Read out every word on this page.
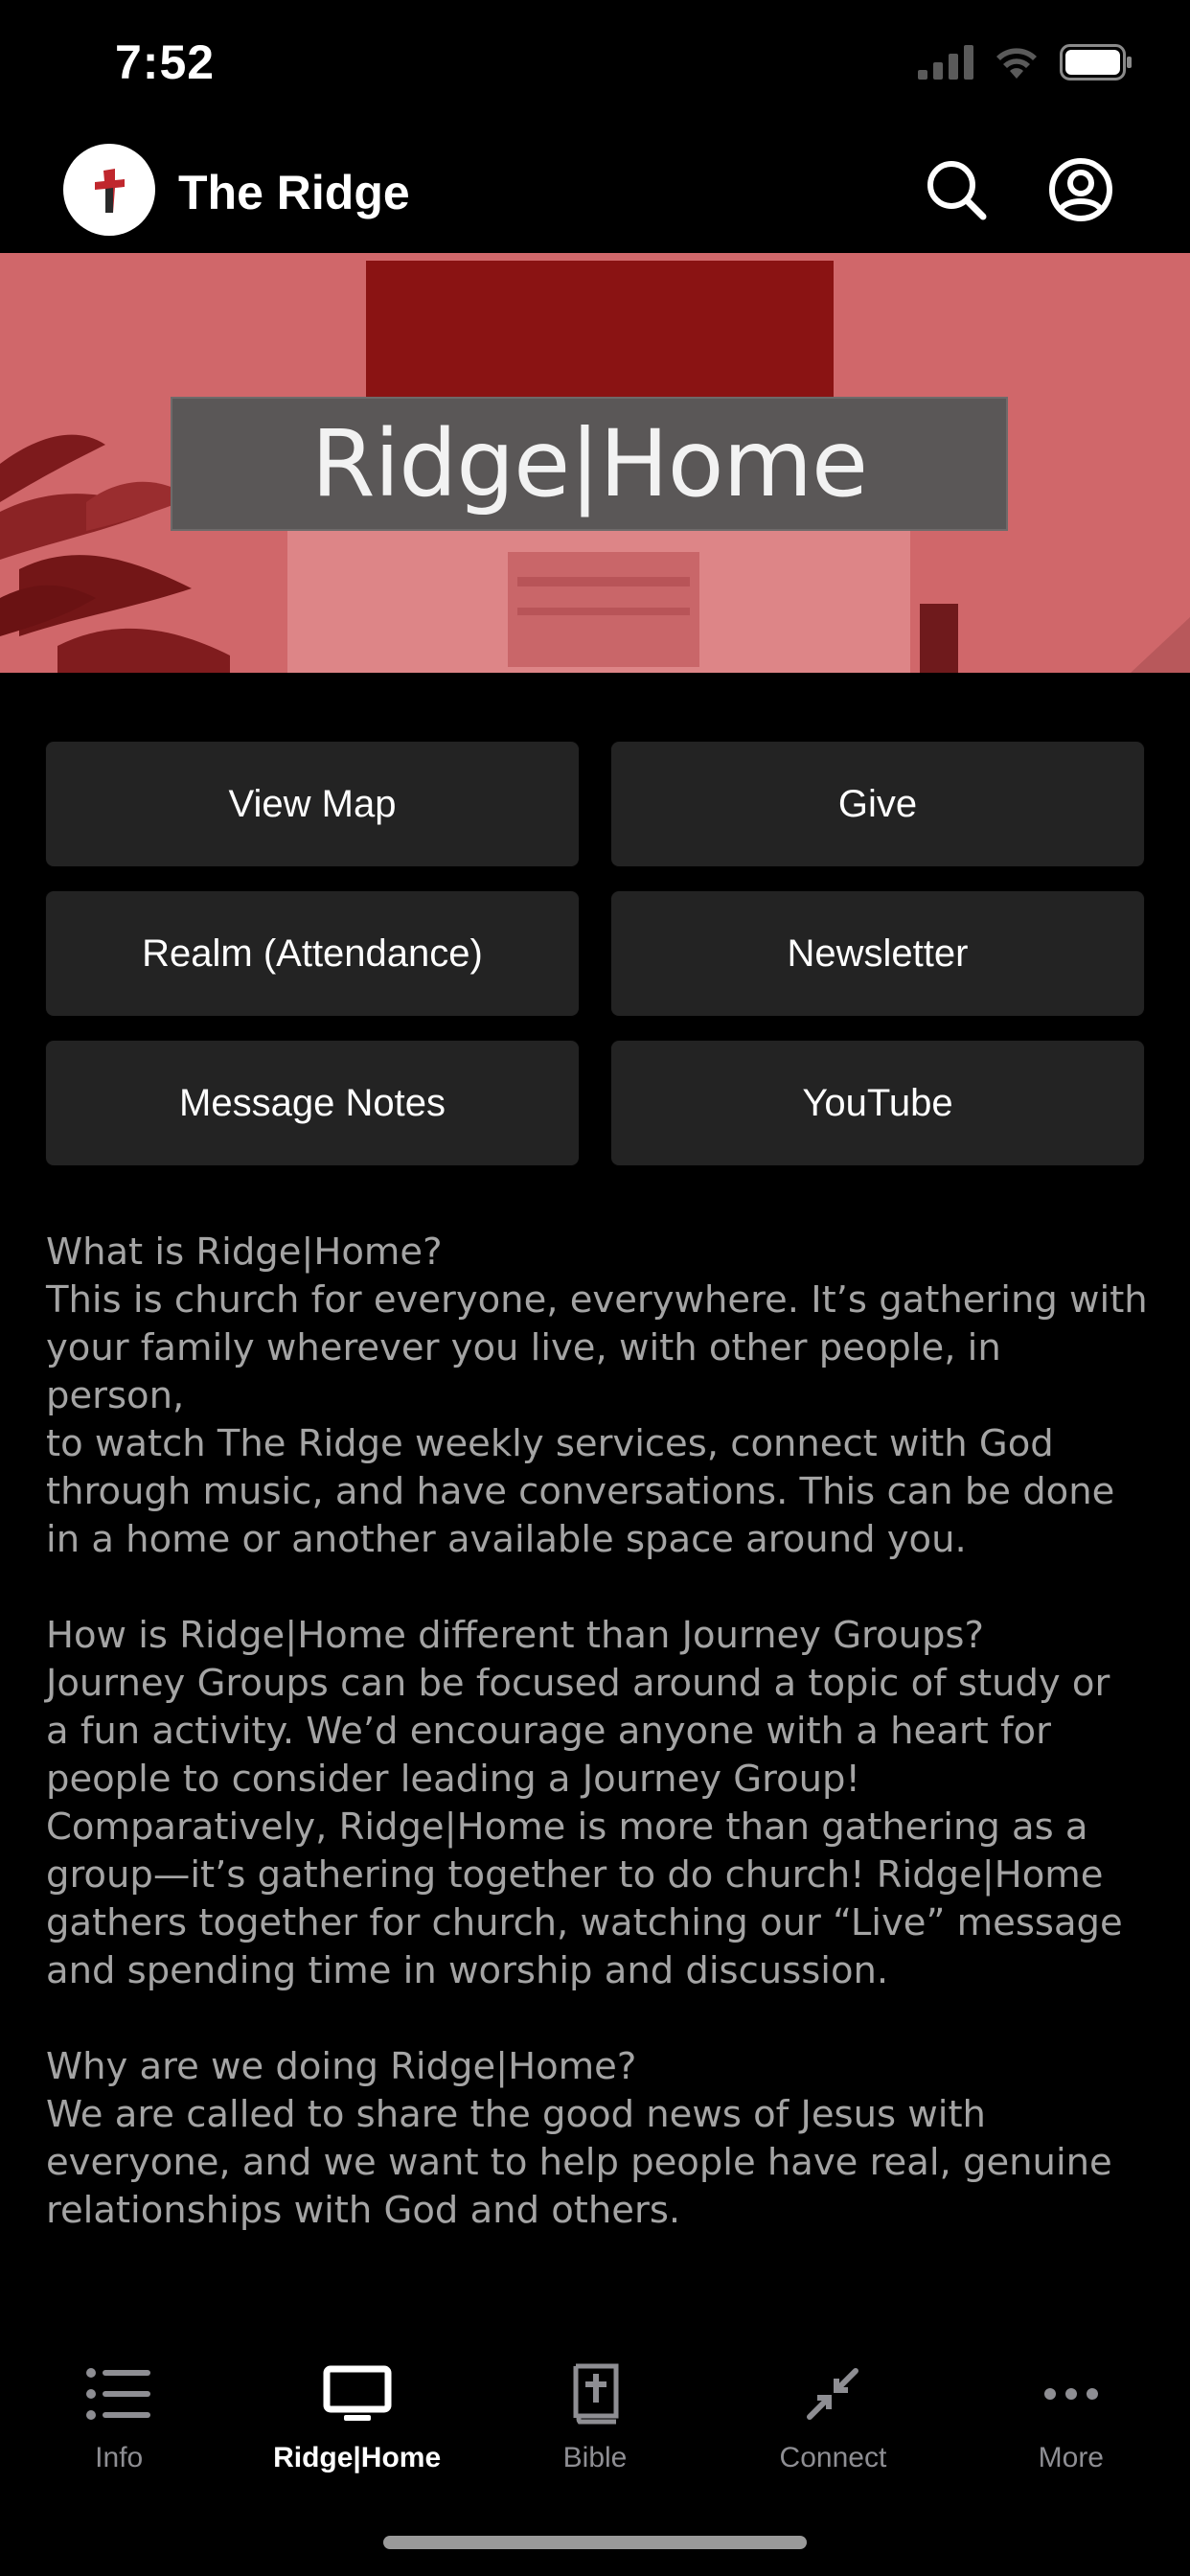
7:52
The Ridge
Ridge|Home
View Map	Give
Realm (Attendance)	Newsletter
Message Notes	YouTube

What is Ridge|Home?

This is church for everyone, everywhere. It’s gathering with

your family wherever you live, with other people, in person,

to watch The Ridge weekly services, connect with God

through music, and have conversations. This can be done

in a home or another available space around you.

How is Ridge|Home different than Journey Groups?

Journey Groups can be focused around a topic of study or

a fun activity. We’d encourage anyone with a heart for

people to consider leading a Journey Group!

Comparatively, Ridge|Home is more than gathering as a

group—it’s gathering together to do church! Ridge|Home

gathers together for church, watching our “Live” message

and spending time in worship and discussion.

Why are we doing Ridge|Home?

We are called to share the good news of Jesus with

everyone, and we want to help people have real, genuine

relationships with God and others.

Info	Ridge|Home	Bible	Connect	More
